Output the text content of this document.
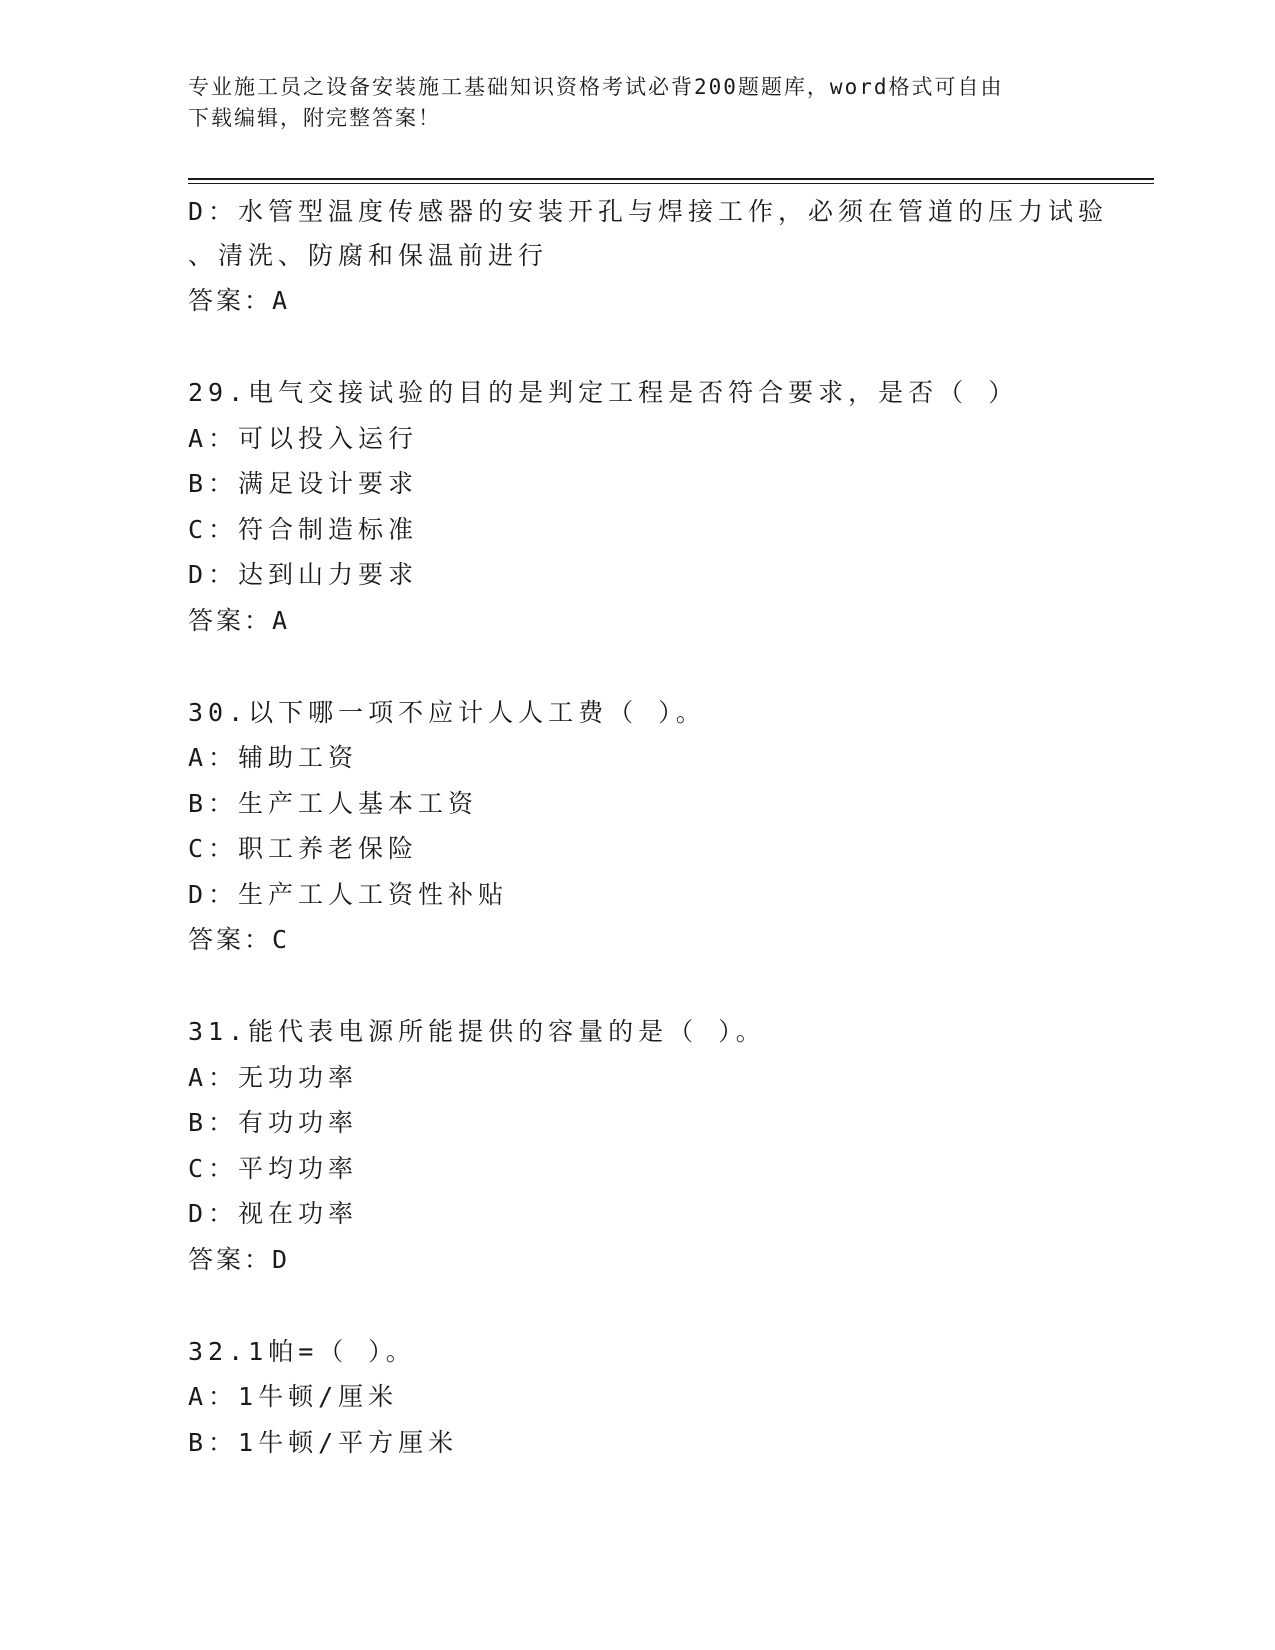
专业施工员之设备安装施工基础知识资格考试必背200题题库，word格式可自由
下载编辑，附完整答案！
D：水管型温度传感器的安装开孔与焊接工作，必须在管道的压力试验
、清洗、防腐和保温前进行
答案：A
29.电气交接试验的目的是判定工程是否符合要求，是否（ ）
A：可以投入运行
B：满足设计要求
C：符合制造标准
D：达到山力要求
答案：A
30.以下哪一项不应计人人工费（ ）。
A：辅助工资
B：生产工人基本工资
C：职工养老保险
D：生产工人工资性补贴
答案：C
31.能代表电源所能提供的容量的是（ ）。
A：无功功率
B：有功功率
C：平均功率
D：视在功率
答案：D
32.1帕=（ ）。
A：1牛顿/厘米
B：1牛顿/平方厘米
